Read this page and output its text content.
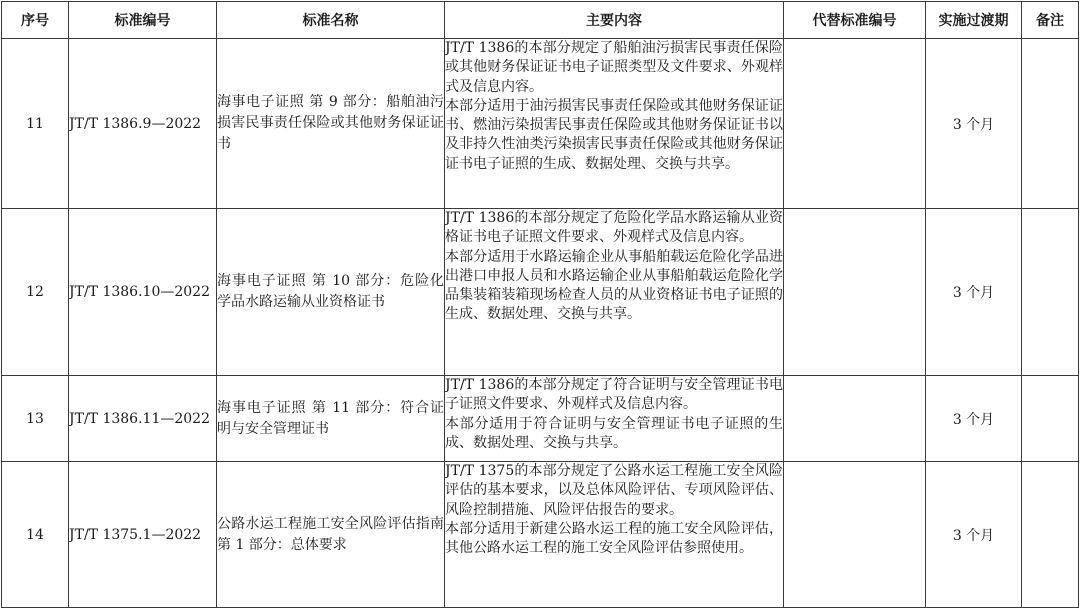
序号	标准编号	标准名称	主要内容	代替标准编号	实施过渡期	备注
11	JT/T 1386.9—2022	海事电子证照 第 9 部分：船舶油污损害民事责任保险或其他财务保证证书	JT/T 1386的本部分规定了船舶油污损害民事责任保险或其他财务保证证书电子证照类型及文件要求、外观样式及信息内容。

本部分适用于油污损害民事责任保险或其他财务保证证书、燃油污染损害民事责任保险或其他财务保证证书以及非持久性油类污染损害民事责任保险或其他财务保证证书电子证照的生成、数据处理、交换与共享。		3 个月	
12	JT/T 1386.10—2022	海事电子证照 第 10 部分：危险化学品水路运输从业资格证书	JT/T 1386的本部分规定了危险化学品水路运输从业资格证书电子证照文件要求、外观样式及信息内容。

本部分适用于水路运输企业从事船舶载运危险化学品进出港口申报人员和水路运输企业从事船舶载运危险化学品集装箱装箱现场检查人员的从业资格证书电子证照的生成、数据处理、交换与共享。		3 个月	
13	JT/T 1386.11—2022	海事电子证照 第 11 部分：符合证明与安全管理证书	JT/T 1386的本部分规定了符合证明与安全管理证书电子证照文件要求、外观样式及信息内容。

本部分适用于符合证明与安全管理证书电子证照的生成、数据处理、交换与共享。		3 个月	
14	JT/T 1375.1—2022	公路水运工程施工安全风险评估指南 第 1 部分：总体要求	JT/T 1375的本部分规定了公路水运工程施工安全风险评估的基本要求，以及总体风险评估、专项风险评估、风险控制措施、风险评估报告的要求。

本部分适用于新建公路水运工程的施工安全风险评估，其他公路水运工程的施工安全风险评估参照使用。		3 个月	
